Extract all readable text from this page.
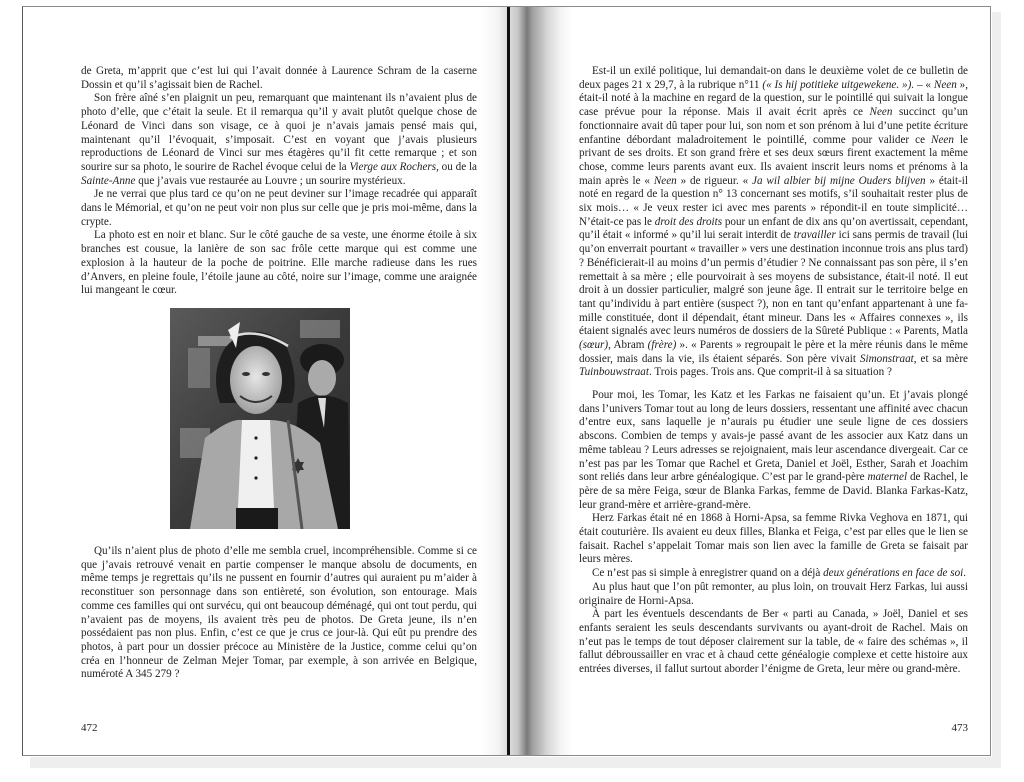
de Greta, m’apprit que c’est lui qui l’avait donnée à Laurence Schram de la caserne Dossin et qu’il s’agissait bien de Rachel.

Son frère aîné s’en plaignit un peu, remarquant que maintenant ils n’avaient plus de photo d’elle, que c’était la seule. Et il remarqua qu’il y avait plutôt quelque chose de Léonard de Vinci dans son visage, ce à quoi je n’avais jamais pensé mais qui, maintenant qu’il l’évoquait, s’imposait. C’est en voyant que j’avais plusieurs reproductions de Léonard de Vinci sur mes étagères qu’il fit cette remarque ; et son sourire sur sa photo, le sourire de Rachel évoque celui de la Vierge aux Rochers, ou de la Sainte-Anne que j’avais vue restaurée au Louvre ; un sourire mystérieux.

Je ne verrai que plus tard ce qu’on ne peut deviner sur l’image recadrée qui apparaît dans le Mémorial, et qu’on ne peut voir non plus sur celle que je pris moi-même, dans la crypte.

La photo est en noir et blanc. Sur le côté gauche de sa veste, une énorme étoile à six branches est cousue, la lanière de son sac frôle cette marque qui est comme une explosion à la hauteur de la poche de poitrine. Elle marche radieuse dans les rues d’Anvers, en pleine foule, l’étoile jaune au côté, noire sur l’image, comme une araignée lui mangeant le cœur.

Qu’ils n’aient plus de photo d’elle me sembla cruel, incompréhensible. Comme si ce que j’avais retrouvé venait en partie compenser le manque absolu de documents, en même temps je regrettais qu’ils ne pussent en fournir d’autres qui auraient pu m’aider à reconstituer son personnage dans son entièreté, son évolution, son entourage. Mais comme ces familles qui ont survécu, qui ont beaucoup déménagé, qui ont tout perdu, qui n’avaient pas de moyens, ils avaient très peu de photos. De Greta jeune, ils n’en possédaient pas non plus. Enfin, c’est ce que je crus ce jour-là. Qui eût pu prendre des photos, à part pour un dossier précoce au Ministère de la Justice, comme celui qu’on créa en l’honneur de Zelman Mejer Tomar, par exemple, à son arrivée en Belgique, numéroté A 345 279 ?

472

Est-il un exilé politique, lui demandait-on dans le deuxième volet de ce bulletin de deux pages 21 x 29,7, à la rubrique n°11 (« Is hij potitieke uitgewekene. »). – « Neen », était-il noté à la machine en regard de la question, sur le pointillé qui suivait la longue case prévue pour la réponse. Mais il avait écrit après ce Neen succinct qu’un fonctionnaire avait dû taper pour lui, son nom et son prénom à lui d’une petite écriture enfantine débordant maladroitement le pointillé, comme pour valider ce Neen le privant de ses droits. Et son grand frère et ses deux sœurs firent exactement la même chose, comme leurs parents avant eux. Ils avaient inscrit leurs noms et prénoms à la main après le « Neen » de rigueur. « Ja wil albier bij mijne Ouders blijven » était-il noté en regard de la question n° 13 concernant ses motifs, s’il souhaitait rester plus de six mois… « Je veux rester ici avec mes parents » répondit-il en toute simplicité… N’était-ce pas le droit des droits pour un enfant de dix ans qu’on avertissait, cependant, qu’il était « informé » qu’il lui serait interdit de travailler ici sans permis de travail (lui qu’on enverrait pourtant « travailler » vers une destination inconnue trois ans plus tard) ? Bénéficierait-il au moins d’un permis d’étudier ? Ne connaissant pas son père, il s’en remettait à sa mère ; elle pourvoirait à ses moyens de subsistance, était-il noté. Il eut droit à un dossier particulier, malgré son jeune âge. Il entrait sur le territoire belge en tant qu’individu à part entière (suspect ?), non en tant qu’enfant appartenant à une famille constituée, dont il dépendait, étant mineur. Dans les « Affaires connexes », ils étaient signalés avec leurs numéros de dossiers de la Sûreté Publique : « Parents, Matla (sœur), Abram (frère) ». « Parents » regroupait le père et la mère réunis dans le même dossier, mais dans la vie, ils étaient séparés. Son père vivait Simonstraat, et sa mère Tuinbouwstraat. Trois pages. Trois ans. Que comprit-il à sa situation ?

Pour moi, les Tomar, les Katz et les Farkas ne faisaient qu’un. Et j’avais plongé dans l’univers Tomar tout au long de leurs dossiers, ressentant une affinité avec chacun d’entre eux, sans laquelle je n’aurais pu étudier une seule ligne de ces dossiers abscons. Combien de temps y avais-je passé avant de les associer aux Katz dans un même tableau ? Leurs adresses se rejoignaient, mais leur ascendance divergeait. Car ce n’est pas par les Tomar que Rachel et Greta, Daniel et Joël, Esther, Sarah et Joachim sont reliés dans leur arbre généalogique. C’est par le grand-père maternel de Rachel, le père de sa mère Feiga, sœur de Blanka Farkas, femme de David. Blanka Farkas-Katz, leur grand-mère et arrière-grand-mère.

Herz Farkas était né en 1868 à Horni-Apsa, sa femme Rivka Veghova en 1871, qui était couturière. Ils avaient eu deux filles, Blanka et Feiga, c’est par elles que le lien se faisait. Rachel s’appelait Tomar mais son lien avec la famille de Greta se faisait par leurs mères.

Ce n’est pas si simple à enregistrer quand on a déjà deux générations en face de soi.

Au plus haut que l’on pût remonter, au plus loin, on trouvait Herz Farkas, lui aussi originaire de Horni-Apsa.

À part les éventuels descendants de Ber « parti au Canada, » Joël, Daniel et ses enfants seraient les seuls descendants survivants ou ayant-droit de Rachel. Mais on n’eut pas le temps de tout déposer clairement sur la table, de « faire des schémas », il fallut débroussailler en vrac et à chaud cette généalogie complexe et cette histoire aux entrées diverses, il fallut surtout aborder l’énigme de Greta, leur mère ou grand-mère.

473
